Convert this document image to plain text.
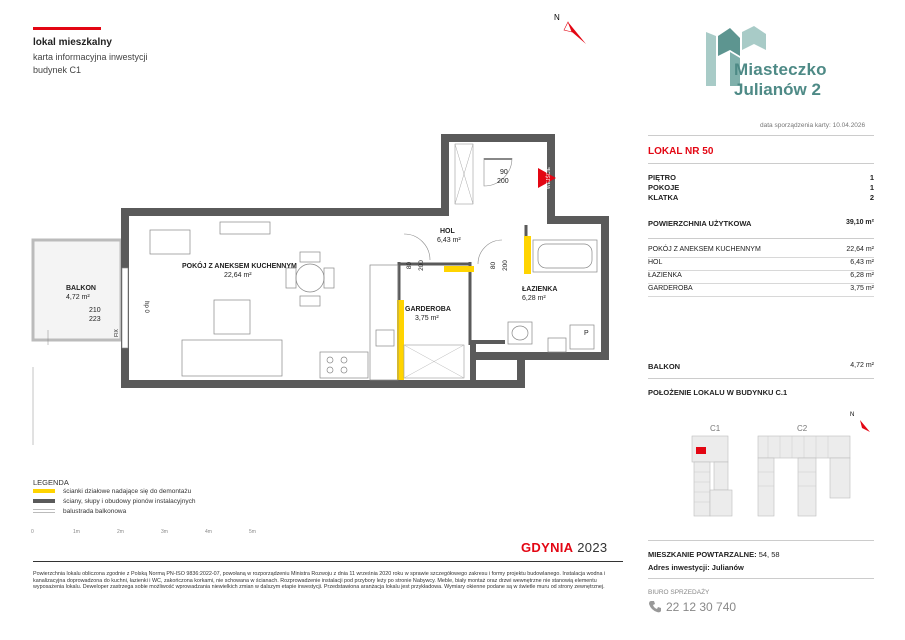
lokal mieszkalny
karta informacyjna inwestycji
budynek C1
N
Miasteczko
Julianów 2
data sporządzenia karty: 10.04.2026
LOKAL NR 50
PIĘTRO	1
POKOJE	1
KLATKA	2
POWIERZCHNIA UŻYTKOWA	39,10 m²
POKÓJ Z ANEKSEM KUCHENNYM	22,64 m²
HOL	6,43 m²
ŁAZIENKA	6,28 m²
GARDEROBA	3,75 m²
BALKON	4,72 m²
POŁOŻENIE LOKALU W BUDYNKU C.1
C1	C2
N
MIESZKANIE POWTARZALNE: 54, 58
Adres inwestycji: Julianów
BIURO SPRZEDAŻY
22 12 30 740
0	1m	2m	3m	4m	5m
BALKON
4,72 m²
210
223
hp 0
FIX
POKÓJ Z ANEKSEM KUCHENNYM
22,64 m²
HOL
6,43 m²
GARDEROBA
3,75 m²
ŁAZIENKA
6,28 m²
90
200
80 200	80 200
WEJŚCIE
P
LEGENDA
ścianki działowe nadające się do demontażu
ściany, słupy i obudowy pionów instalacyjnych
balustrada balkonowa
GDYNIA 2023
Powierzchnia lokalu obliczona zgodnie z Polską Normą PN-ISO 9836:2022-07, powołaną w rozporządzeniu Ministra Rozwoju z dnia 11 września 2020 roku w sprawie szczegółowego zakresu i formy projektu budowlanego. Instalacja wodna i kanalizacyjna doprowadzona do kuchni, łazienki i WC, zakończona korkami, nie schowana w ścianach. Rozprowadzenie instalacji pod przybory leży po stronie Nabywcy. Meble, biały montaż oraz drzwi wewnętrzne nie stanowią elementu wyposażenia lokalu. Deweloper zastrzega sobie możliwość wprowadzania niewielkich zmian w dalszym etapie inwestycji. Przedstawiona aranżacja lokalu jest przykładowa. Wymiary okienne podane są w świetle muru od strony zewnętrznej.
